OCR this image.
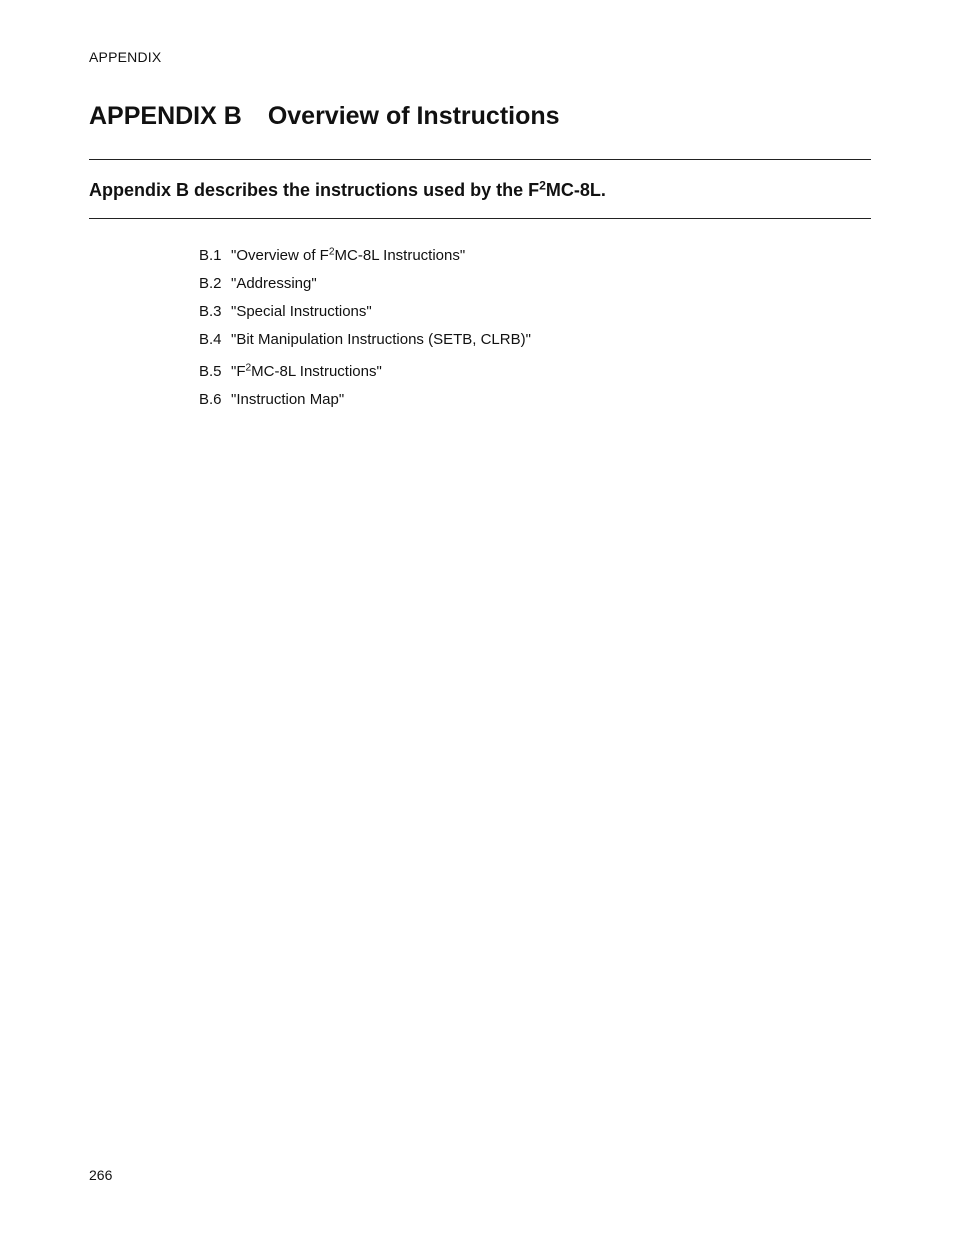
APPENDIX
APPENDIX B Overview of Instructions
Appendix B describes the instructions used by the $F^2MC-8L$.
B.1 "Overview of $F^2MC-8L$ Instructions"
B.2 "Addressing"
B.3 "Special Instructions"
B.4 "Bit Manipulation Instructions (SETB, CLRB)"
B.5 "$F^2MC-8L$ Instructions"
B.6 "Instruction Map"
266
